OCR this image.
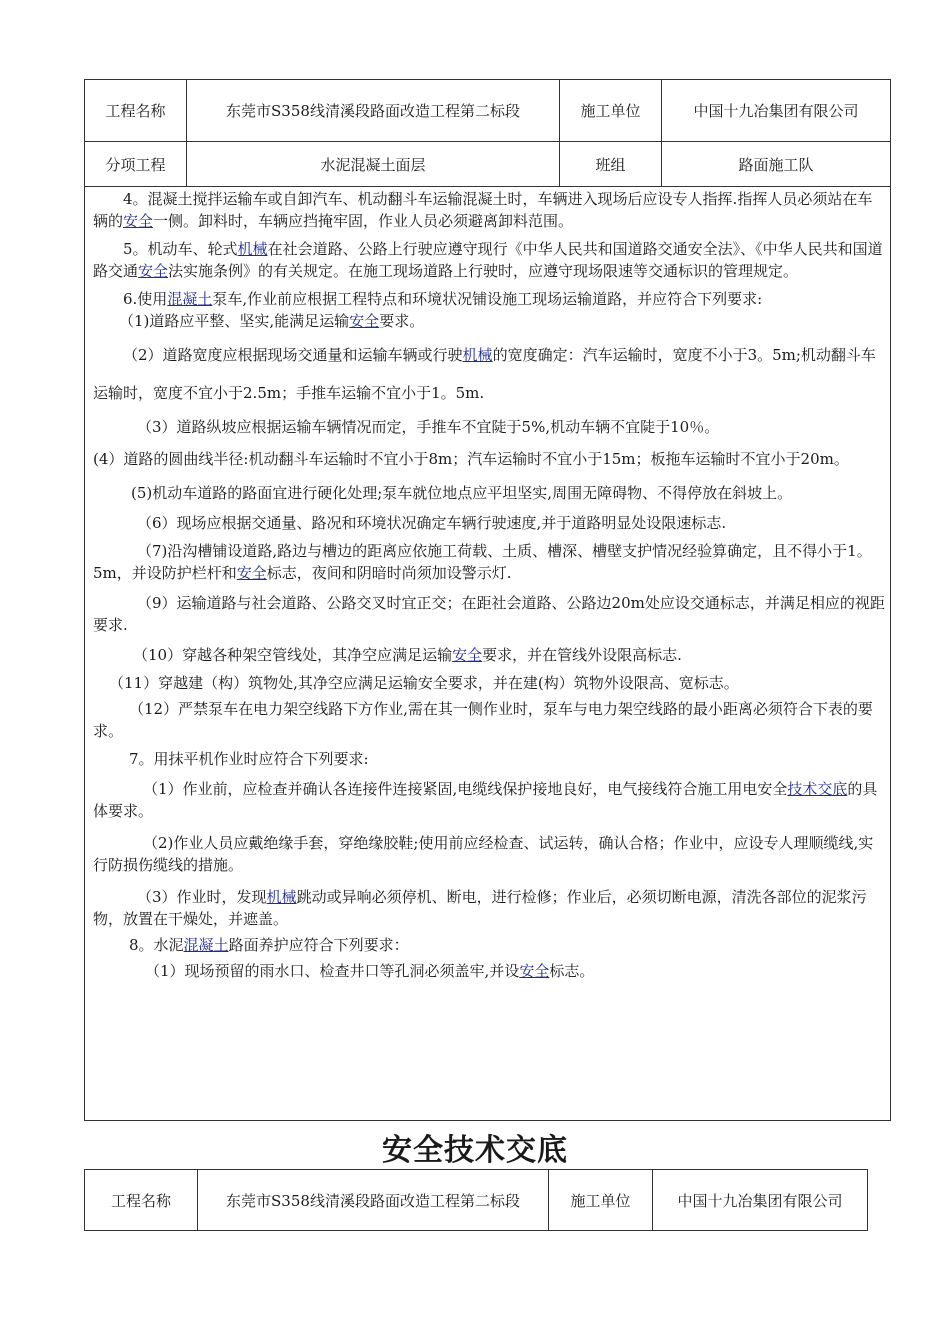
工程名称	东莞市S358线清溪段路面改造工程第二标段	施工单位	中国十九冶集团有限公司
分项工程	水泥混凝土面层	班组	路面施工队

4。混凝土搅拌运输车或自卸汽车、机动翻斗车运输混凝土时，车辆进入现场后应设专人指挥.指挥人员必须站在车辆的安全一侧。卸料时，车辆应挡掩牢固，作业人员必须避离卸料范围。

5。机动车、轮式机械在社会道路、公路上行驶应遵守现行《中华人民共和国道路交通安全法》、《中华人民共和国道路交通安全法实施条例》的有关规定。在施工现场道路上行驶时，应遵守现场限速等交通标识的管理规定。

6.使用混凝土泵车,作业前应根据工程特点和环境状况铺设施工现场运输道路，并应符合下列要求:

（1)道路应平整、坚实,能满足运输安全要求。

（2）道路宽度应根据现场交通量和运输车辆或行驶机械的宽度确定：汽车运输时，宽度不小于3。5m;机动翻斗车运输时，宽度不宜小于2.5m；手推车运输不宜小于1。5m.

（3）道路纵坡应根据运输车辆情况而定，手推车不宜陡于5%,机动车辆不宜陡于10％。

(4）道路的圆曲线半径:机动翻斗车运输时不宜小于8m；汽车运输时不宜小于15m；板拖车运输时不宜小于20m。

(5)机动车道路的路面宜进行硬化处理;泵车就位地点应平坦坚实,周围无障碍物、不得停放在斜坡上。

（6）现场应根据交通量、路况和环境状况确定车辆行驶速度,并于道路明显处设限速标志.

（7)沿沟槽铺设道路,路边与槽边的距离应依施工荷载、土质、槽深、槽壁支护情况经验算确定，且不得小于1。5m，并设防护栏杆和安全标志，夜间和阴暗时尚须加设警示灯.

（9）运输道路与社会道路、公路交叉时宜正交；在距社会道路、公路边20m处应设交通标志，并满足相应的视距要求.

（10）穿越各种架空管线处，其净空应满足运输安全要求，并在管线外设限高标志.

（11）穿越建（构）筑物处,其净空应满足运输安全要求，并在建(构）筑物外设限高、宽标志。

（12）严禁泵车在电力架空线路下方作业,需在其一侧作业时，泵车与电力架空线路的最小距离必须符合下表的要求。

7。用抹平机作业时应符合下列要求:

（1）作业前，应检查并确认各连接件连接紧固,电缆线保护接地良好，电气接线符合施工用电安全技术交底的具体要求。

（2)作业人员应戴绝缘手套，穿绝缘胶鞋;使用前应经检查、试运转，确认合格；作业中，应设专人理顺缆线,实行防损伤缆线的措施。

（3）作业时，发现机械跳动或异响必须停机、断电，进行检修；作业后，必须切断电源，清洗各部位的泥浆污物，放置在干燥处，并遮盖。

8。水泥混凝土路面养护应符合下列要求：

（1）现场预留的雨水口、检查井口等孔洞必须盖牢,并设安全标志。

安全技术交底
工程名称	东莞市S358线清溪段路面改造工程第二标段	施工单位	中国十九冶集团有限公司
